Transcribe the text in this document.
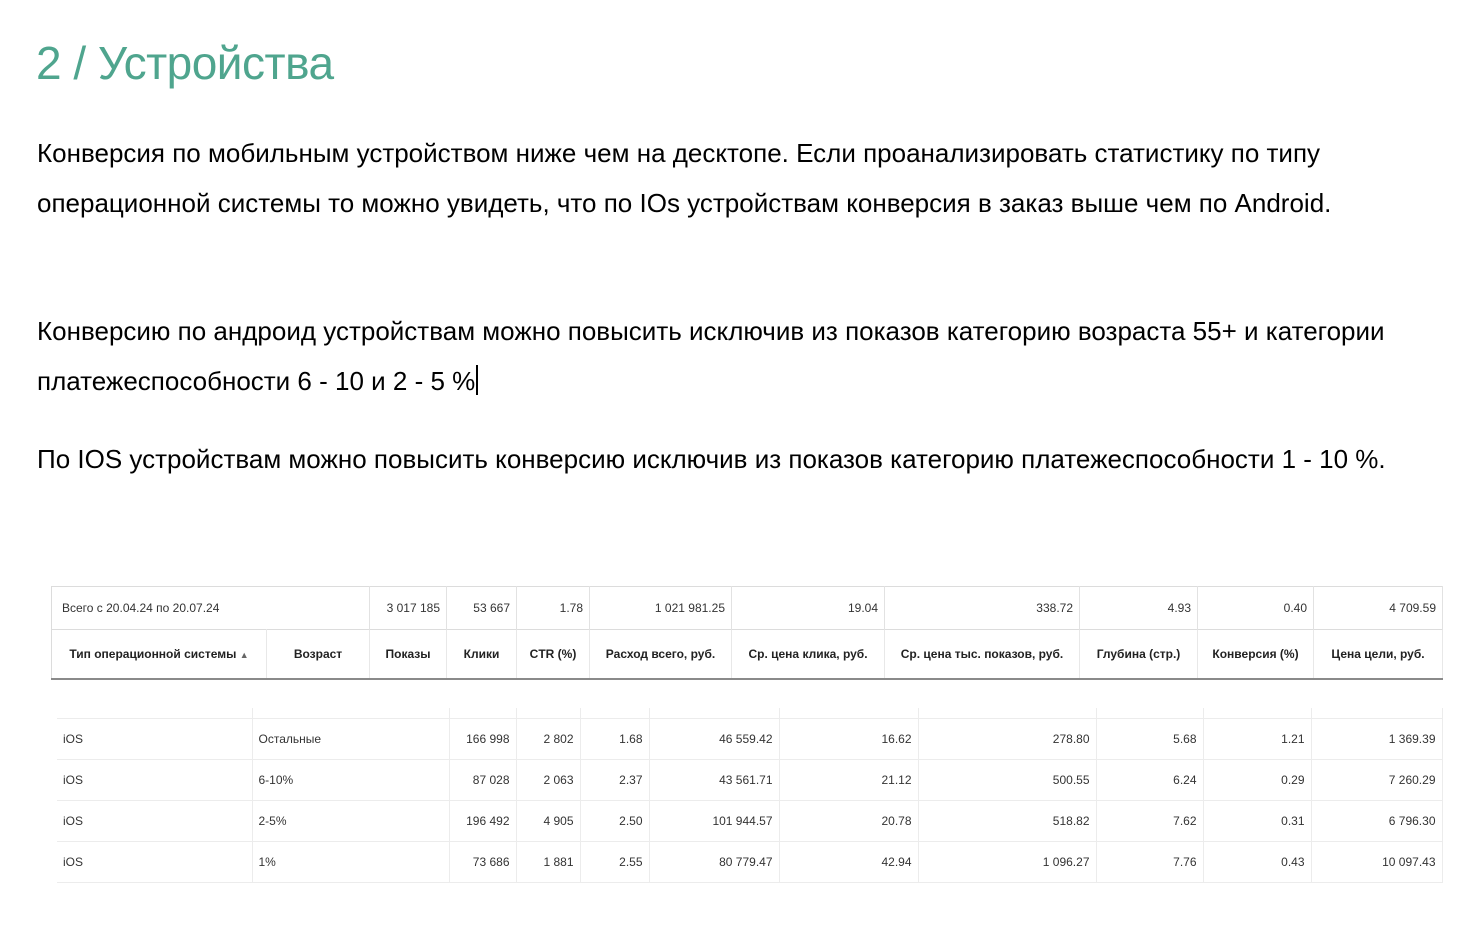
2 / Устройства

Конверсия по мобильным устройством ниже чем на десктопе. Если проанализировать статистику по типу операционной системы то можно увидеть, что по IOs устройствам конверсия в заказ выше чем по Android.

Конверсию по андроид устройствам можно повысить исключив из показов категорию возраста 55+ и категории платежеспособности 6 - 10 и 2 - 5 %

По IOS устройствам можно повысить конверсию исключив из показов категорию платежеспособности 1 - 10 %.

Всего с 20.04.24 по 20.07.24		3 017 185	53 667	1.78	1 021 981.25	19.04	338.72	4.93	0.40	4 709.59
Тип операционной системы ▲	Возраст	Показы	Клики	CTR (%)	Расход всего, руб.	Ср. цена клика, руб.	Ср. цена тыс. показов, руб.	Глубина (стр.)	Конверсия (%)	Цена цели, руб.

iOS	Остальные	166 998	2 802	1.68	46 559.42	16.62	278.80	5.68	1.21	1 369.39
iOS	6-10%	87 028	2 063	2.37	43 561.71	21.12	500.55	6.24	0.29	7 260.29
iOS	2-5%	196 492	4 905	2.50	101 944.57	20.78	518.82	7.62	0.31	6 796.30
iOS	1%	73 686	1 881	2.55	80 779.47	42.94	1 096.27	7.76	0.43	10 097.43
